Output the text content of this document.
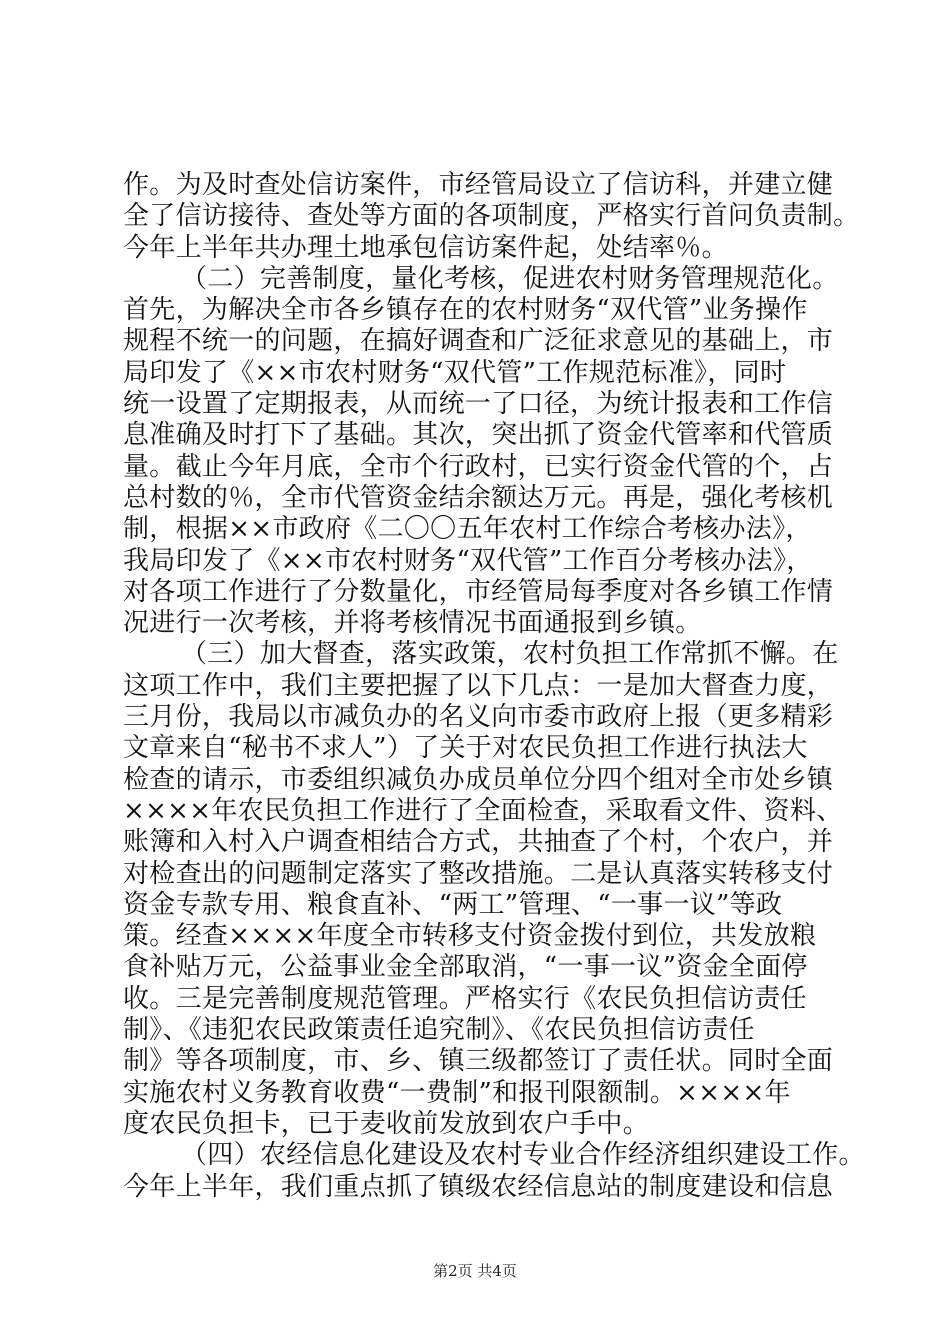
作。为及时查处信访案件，市经管局设立了信访科，并建立健
全了信访接待、查处等方面的各项制度，严格实行首问负责制。
今年上半年共办理土地承包信访案件起，处结率％。
（二）完善制度，量化考核，促进农村财务管理规范化。
首先，为解决全市各乡镇存在的农村财务“双代管”业务操作
规程不统一的问题，在搞好调查和广泛征求意见的基础上，市
局印发了《××市农村财务“双代管”工作规范标准》，同时
统一设置了定期报表，从而统一了口径，为统计报表和工作信
息准确及时打下了基础。其次，突出抓了资金代管率和代管质
量。截止今年月底，全市个行政村，已实行资金代管的个，占
总村数的％，全市代管资金结余额达万元。再是，强化考核机
制，根据××市政府《二〇〇五年农村工作综合考核办法》，
我局印发了《××市农村财务“双代管”工作百分考核办法》，
对各项工作进行了分数量化，市经管局每季度对各乡镇工作情
况进行一次考核，并将考核情况书面通报到乡镇。
（三）加大督查，落实政策，农村负担工作常抓不懈。在
这项工作中，我们主要把握了以下几点：一是加大督查力度，
三月份，我局以市减负办的名义向市委市政府上报（更多精彩
文章来自“秘书不求人”）了关于对农民负担工作进行执法大
检查的请示，市委组织减负办成员单位分四个组对全市处乡镇
××××年农民负担工作进行了全面检查，采取看文件、资料、
账簿和入村入户调查相结合方式，共抽查了个村，个农户，并
对检查出的问题制定落实了整改措施。二是认真落实转移支付
资金专款专用、粮食直补、“两工”管理、“一事一议”等政
策。经查××××年度全市转移支付资金拨付到位，共发放粮
食补贴万元，公益事业金全部取消，“一事一议”资金全面停
收。三是完善制度规范管理。严格实行《农民负担信访责任
制》、《违犯农民政策责任追究制》、《农民负担信访责任
制》等各项制度，市、乡、镇三级都签订了责任状。同时全面
实施农村义务教育收费“一费制”和报刊限额制。××××年
度农民负担卡，已于麦收前发放到农户手中。
（四）农经信息化建设及农村专业合作经济组织建设工作。
今年上半年，我们重点抓了镇级农经信息站的制度建设和信息
第2页 共4页
